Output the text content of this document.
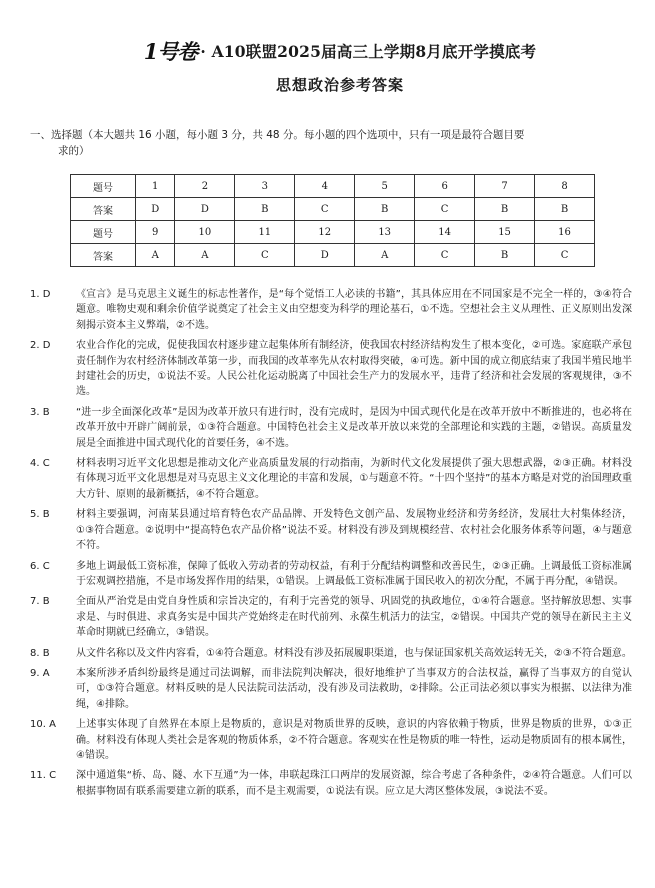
1号卷 · A10联盟2025届高三上学期8月底开学摸底考
思想政治参考答案
一、选择题（本大题共 16 小题，每小题 3 分，共 48 分。每小题的四个选项中，只有一项是最符合题目要
求的）
题号	1	2	3	4	5	6	7	8
答案	D	D	B	C	B	C	B	B
题号	9	10	11	12	13	14	15	16
答案	A	A	C	D	A	C	B	C
1. D	《宣言》是马克思主义诞生的标志性著作，是“每个觉悟工人必读的书籍”，其具体应用在不同国家是不完全一样的，③④符合题意。唯物史观和剩余价值学说奠定了社会主义由空想变为科学的理论基石，①不选。空想社会主义从理性、正义原则出发深刻揭示资本主义弊端，②不选。
2. D	农业合作化的完成，促使我国农村逐步建立起集体所有制经济，使我国农村经济结构发生了根本变化，②可选。家庭联产承包责任制作为农村经济体制改革第一步，而我国的改革率先从农村取得突破，④可选。新中国的成立彻底结束了我国半殖民地半封建社会的历史，①说法不妥。人民公社化运动脱离了中国社会生产力的发展水平，违背了经济和社会发展的客观规律，③不选。
3. B	“进一步全面深化改革”是因为改革开放只有进行时，没有完成时，是因为中国式现代化是在改革开放中不断推进的，也必将在改革开放中开辟广阔前景，①③符合题意。中国特色社会主义是改革开放以来党的全部理论和实践的主题，②错误。高质量发展是全面推进中国式现代化的首要任务，④不选。
4. C	材料表明习近平文化思想是推动文化产业高质量发展的行动指南，为新时代文化发展提供了强大思想武器，②③正确。材料没有体现习近平文化思想是对马克思主义文化理论的丰富和发展，①与题意不符。“十四个坚持”的基本方略是对党的治国理政重大方针、原则的最新概括，④不符合题意。
5. B	材料主要强调，河南某县通过培育特色农产品品牌、开发特色文创产品、发展物业经济和劳务经济，发展壮大村集体经济，①③符合题意。②说明中“提高特色农产品价格”说法不妥。材料没有涉及到规模经营、农村社会化服务体系等问题，④与题意不符。
6. C	多地上调最低工资标准，保障了低收入劳动者的劳动权益，有利于分配结构调整和改善民生，②③正确。上调最低工资标准属于宏观调控措施，不是市场发挥作用的结果，①错误。上调最低工资标准属于国民收入的初次分配，不属于再分配，④错误。
7. B	全面从严治党是由党自身性质和宗旨决定的，有利于完善党的领导、巩固党的执政地位，①④符合题意。坚持解放思想、实事求是、与时俱进、求真务实是中国共产党始终走在时代前列、永葆生机活力的法宝，②错误。中国共产党的领导在新民主主义革命时期就已经确立，③错误。
8. B	从文件名称以及文件内容看，①④符合题意。材料没有涉及拓展履职渠道，也与保证国家机关高效运转无关，②③不符合题意。
9. A	本案所涉矛盾纠纷最终是通过司法调解，而非法院判决解决，很好地维护了当事双方的合法权益，赢得了当事双方的自觉认可，①③符合题意。材料反映的是人民法院司法活动，没有涉及司法救助，②排除。公正司法必须以事实为根据、以法律为准绳，④排除。
10. A	上述事实体现了自然界在本原上是物质的，意识是对物质世界的反映，意识的内容依赖于物质，世界是物质的世界，①③正确。材料没有体现人类社会是客观的物质体系，②不符合题意。客观实在性是物质的唯一特性，运动是物质固有的根本属性，④错误。
11. C	深中通道集“桥、岛、隧、水下互通”为一体，串联起珠江口两岸的发展资源，综合考虑了各种条件，②④符合题意。人们可以根据事物固有联系需要建立新的联系，而不是主观需要，①说法有误。应立足大湾区整体发展，③说法不妥。
